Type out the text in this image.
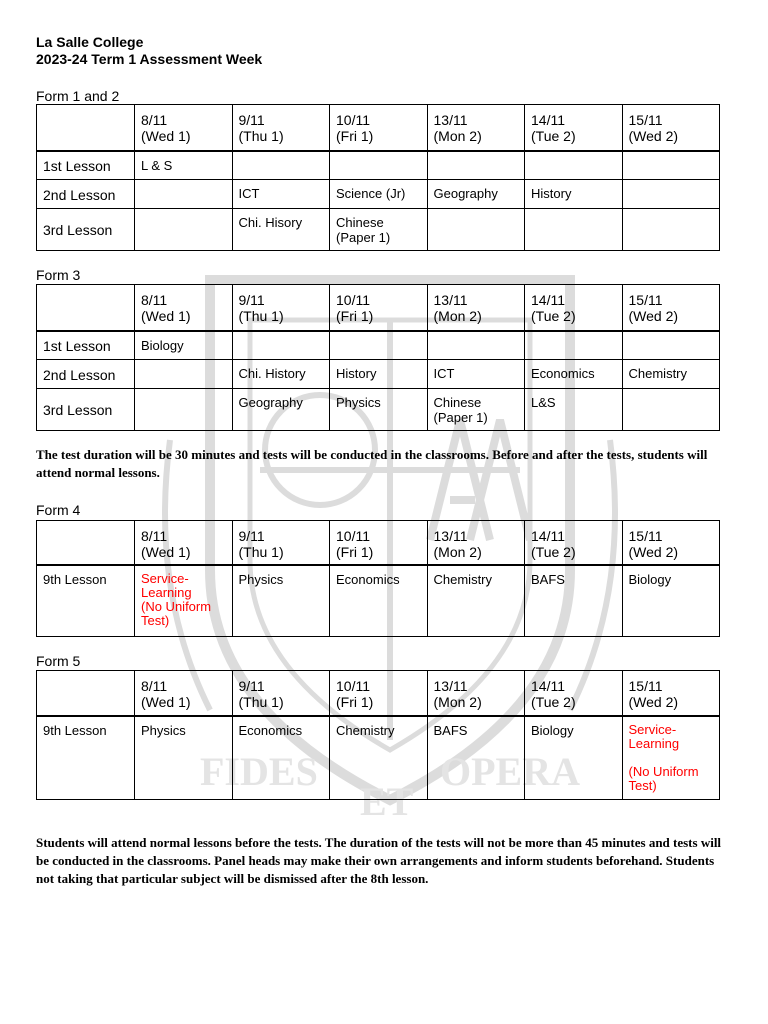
FIDES
ET
OPERA
La Salle College
2023-24 Term 1 Assessment Week
Form 1 and 2
	8/11
(Wed 1)	9/11
(Thu 1)	10/11
(Fri 1)	13/11
(Mon 2)	14/11
(Tue 2)	15/11
(Wed 2)
1st Lesson	L & S					
2nd Lesson		ICT	Science (Jr)	Geography	History	
3rd Lesson		Chi. Hisory	Chinese
(Paper 1)			
Form 3
	8/11
(Wed 1)	9/11
(Thu 1)	10/11
(Fri 1)	13/11
(Mon 2)	14/11
(Tue 2)	15/11
(Wed 2)
1st Lesson	Biology					
2nd Lesson		Chi. History	History	ICT	Economics	Chemistry
3rd Lesson		Geography	Physics	Chinese
(Paper 1)	L&S	
The test duration will be 30 minutes and tests will be conducted in the classrooms. Before and after the tests, students will attend normal lessons.
Form 4
	8/11
(Wed 1)	9/11
(Thu 1)	10/11
(Fri 1)	13/11
(Mon 2)	14/11
(Tue 2)	15/11
(Wed 2)
9th Lesson	Service-
Learning
(No Uniform
Test)	Physics	Economics	Chemistry	BAFS	Biology
Form 5
	8/11
(Wed 1)	9/11
(Thu 1)	10/11
(Fri 1)	13/11
(Mon 2)	14/11
(Tue 2)	15/11
(Wed 2)
9th Lesson	Physics	Economics	Chemistry	BAFS	Biology	Service-
Learning

(No Uniform
Test)
Students will attend normal lessons before the tests. The duration of the tests will not be more than 45 minutes and tests will be conducted in the classrooms. Panel heads may make their own arrangements and inform students beforehand. Students not taking that particular subject will be dismissed after the 8th lesson.
